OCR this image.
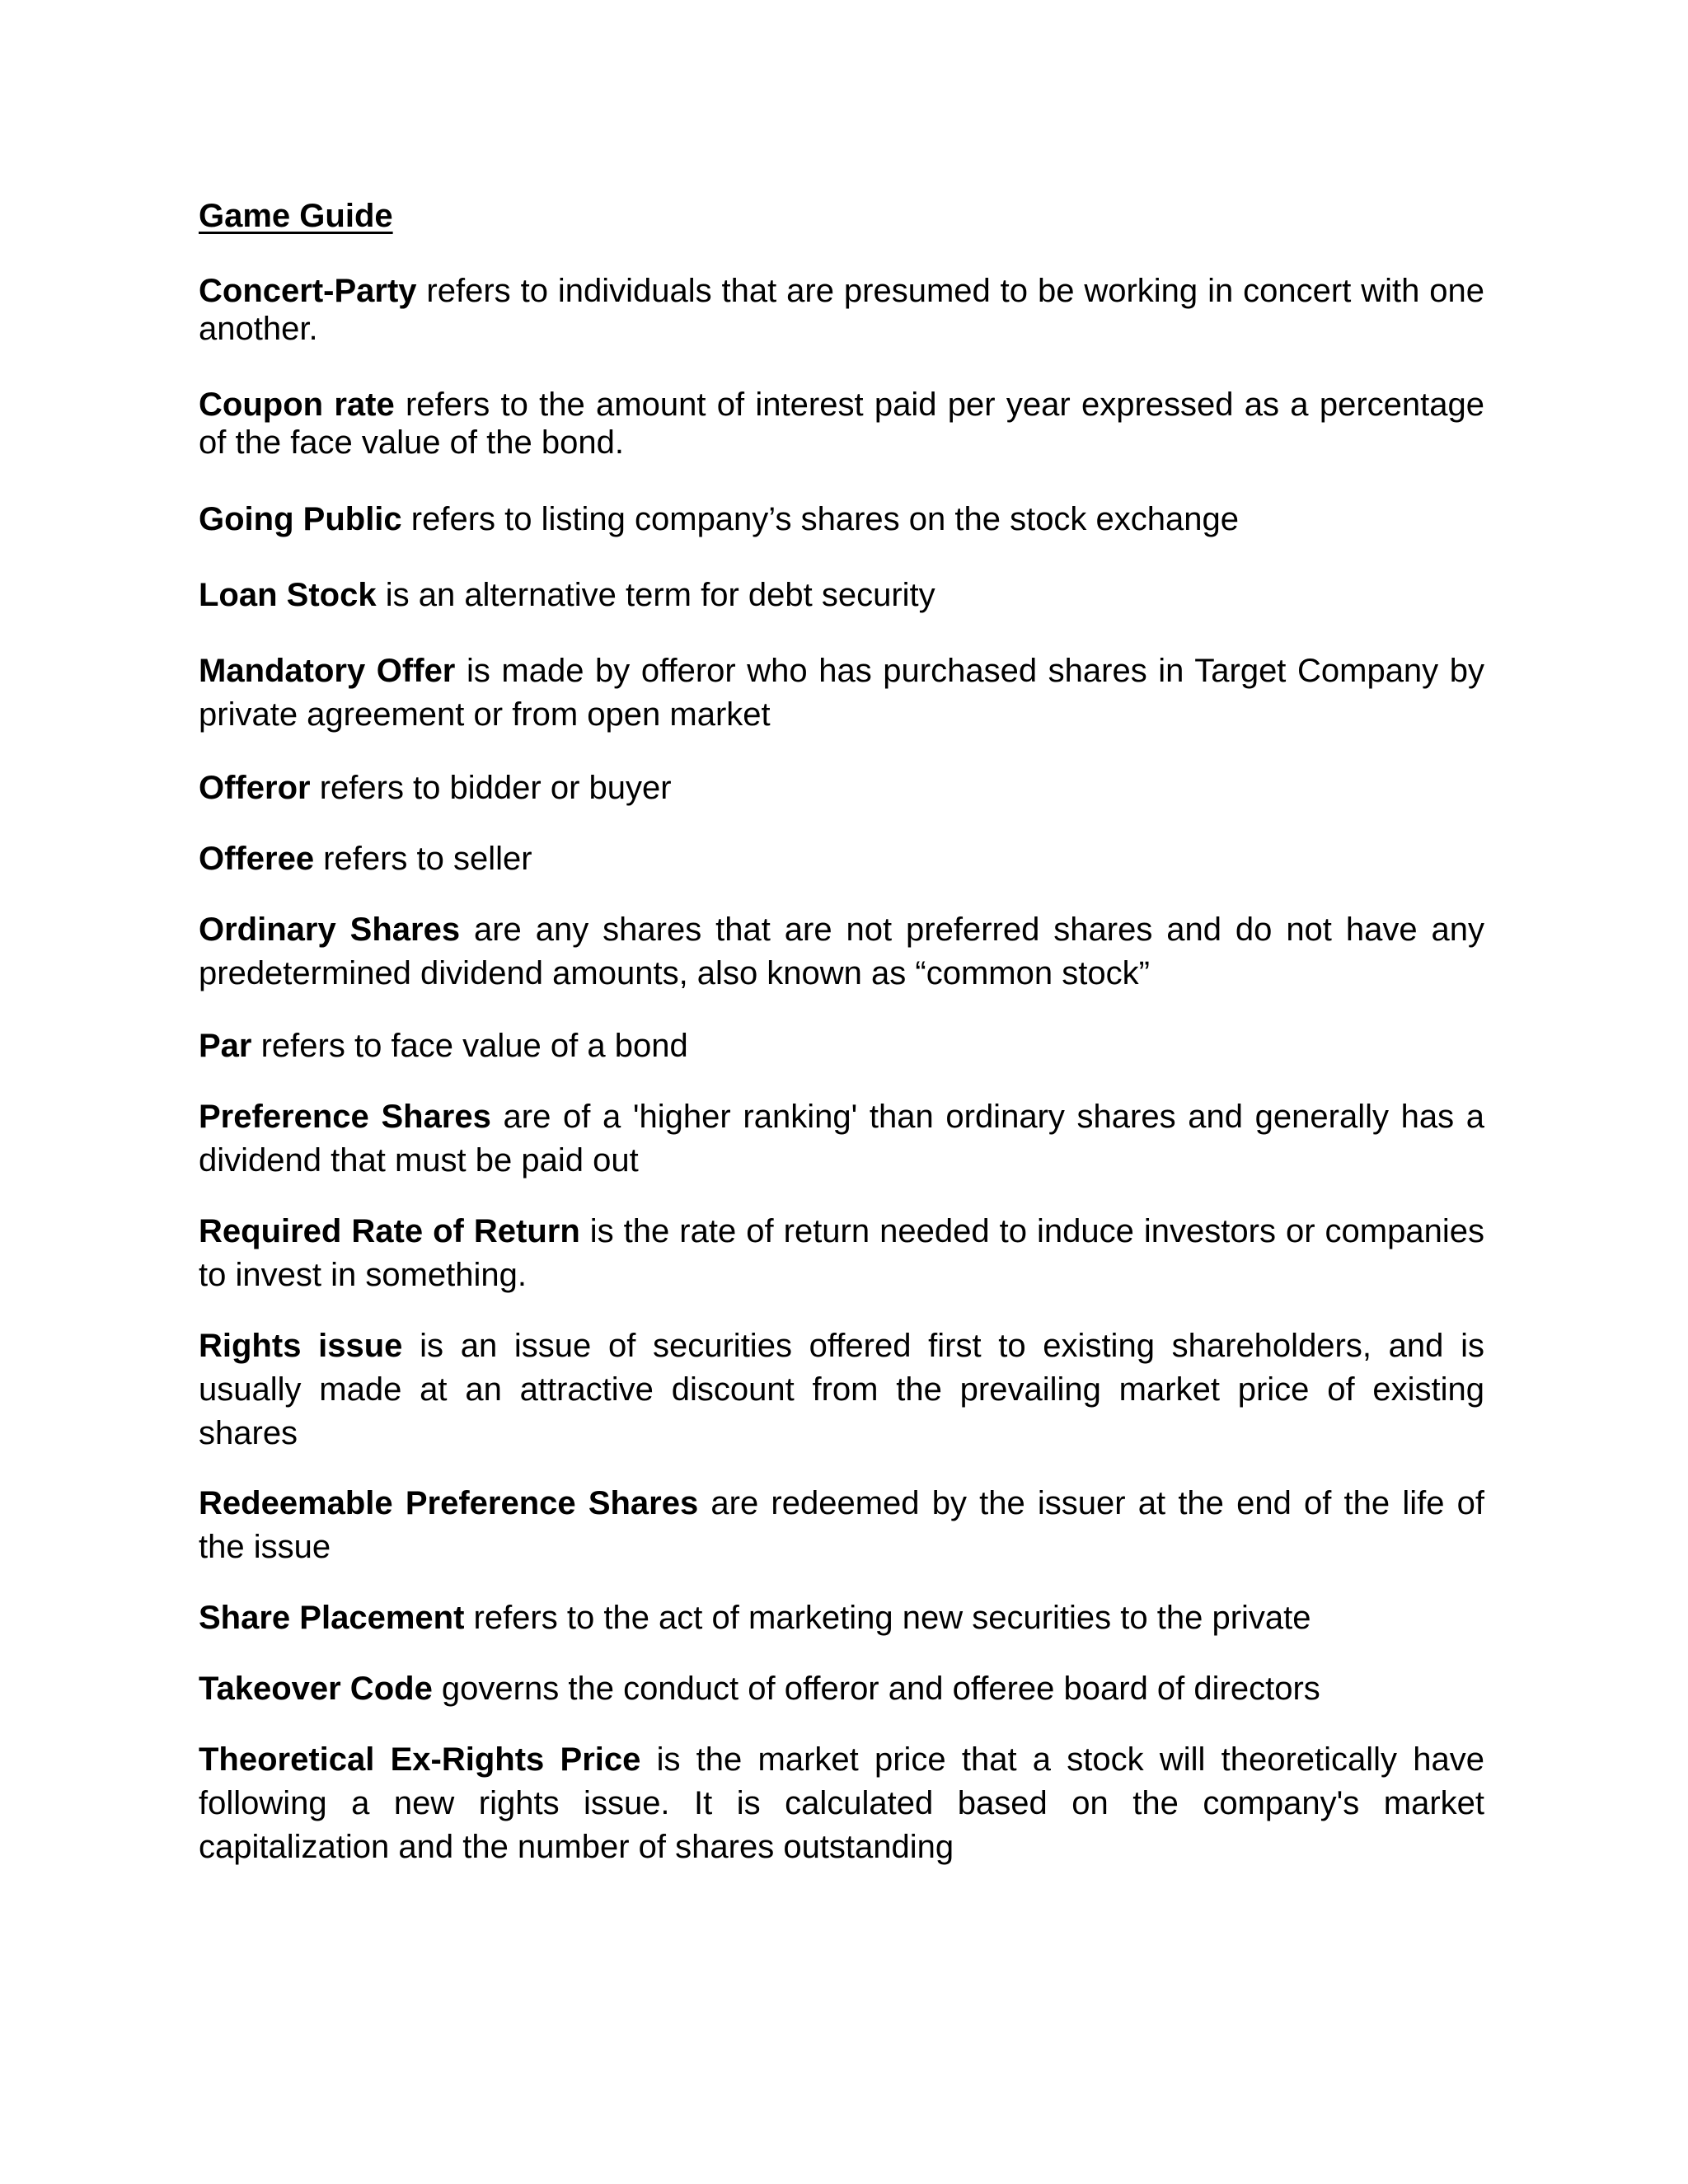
Game Guide

Concert-Party refers to individuals that are presumed to be working in concert with one another.

Coupon rate refers to the amount of interest paid per year expressed as a percentage of the face value of the bond.

Going Public refers to listing company’s shares on the stock exchange

Loan Stock is an alternative term for debt security

Mandatory Offer is made by offeror who has purchased shares in Target Company by private agreement or from open market

Offeror refers to bidder or buyer

Offeree refers to seller

Ordinary Shares are any shares that are not preferred shares and do not have any predetermined dividend amounts, also known as “common stock”

Par refers to face value of a bond

Preference Shares are of a 'higher ranking' than ordinary shares and generally has a dividend that must be paid out

Required Rate of Return is the rate of return needed to induce investors or companies to invest in something.

Rights issue is an issue of securities offered first to existing shareholders, and is usually made at an attractive discount from the prevailing market price of existing shares

Redeemable Preference Shares are redeemed by the issuer at the end of the life of the issue

Share Placement refers to the act of marketing new securities to the private

Takeover Code governs the conduct of offeror and offeree board of directors

Theoretical Ex-Rights Price is the market price that a stock will theoretically have following a new rights issue. It is calculated based on the company's market capitalization and the number of shares outstanding
